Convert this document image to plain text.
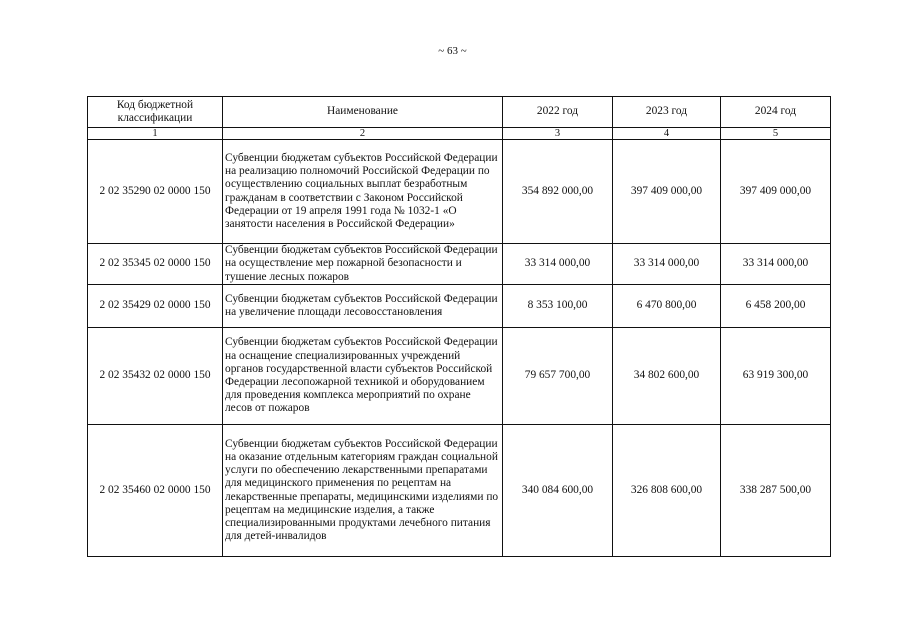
~ 63 ~
Код бюджетной классификации	Наименование	2022 год	2023 год	2024 год
1	2	3	4	5
2 02 35290 02 0000 150	Субвенции бюджетам субъектов Российской Федерации на реализацию полномочий Российской Федерации по осуществлению социальных выплат безработным гражданам в соответствии с Законом Российской Федерации от 19 апреля 1991 года № 1032-1 «О занятости населения в Российской Федерации»	354 892 000,00	397 409 000,00	397 409 000,00
2 02 35345 02 0000 150	Субвенции бюджетам субъектов Российской Федерации на осуществление мер пожарной безопасности и тушение лесных пожаров	33 314 000,00	33 314 000,00	33 314 000,00
2 02 35429 02 0000 150	Субвенции бюджетам субъектов Российской Федерации на увеличение площади лесовосстановления	8 353 100,00	6 470 800,00	6 458 200,00
2 02 35432 02 0000 150	Субвенции бюджетам субъектов Российской Федерации на оснащение специализированных учреждений органов государственной власти субъектов Российской Федерации лесопожарной техникой и оборудованием для проведения комплекса мероприятий по охране лесов от пожаров	79 657 700,00	34 802 600,00	63 919 300,00
2 02 35460 02 0000 150	Субвенции бюджетам субъектов Российской Федерации на оказание отдельным категориям граждан социальной услуги по обеспечению лекарственными препаратами для медицинского применения по рецептам на лекарственные препараты, медицинскими изделиями по рецептам на медицинские изделия, а также специализированными продуктами лечебного питания для детей-инвалидов	340 084 600,00	326 808 600,00	338 287 500,00
